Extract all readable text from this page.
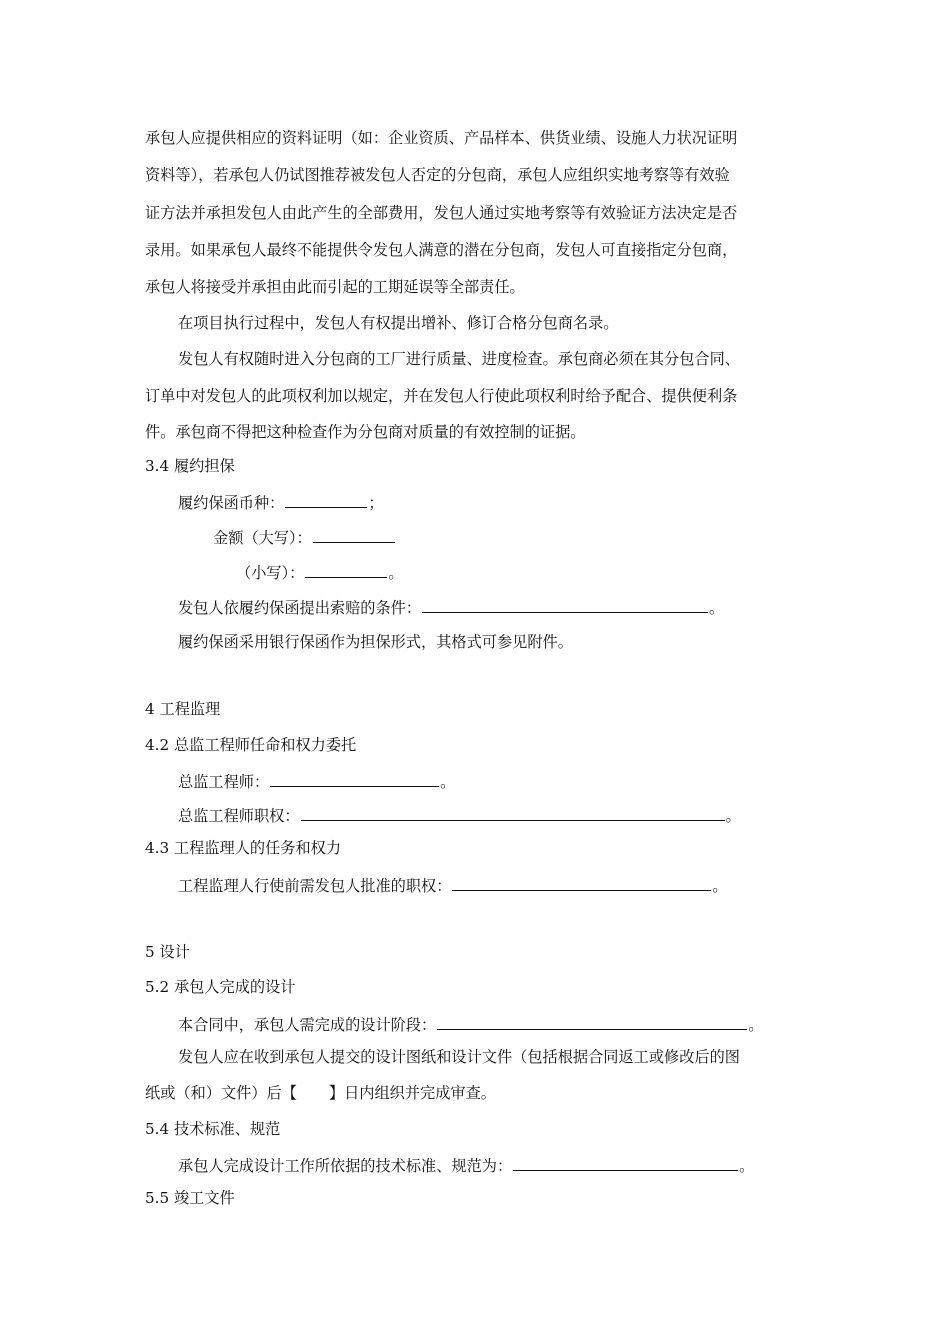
承包人应提供相应的资料证明（如：企业资质、产品样本、供货业绩、设施人力状况证明
资料等），若承包人仍试图推荐被发包人否定的分包商，承包人应组织实地考察等有效验
证方法并承担发包人由此产生的全部费用，发包人通过实地考察等有效验证方法决定是否
录用。如果承包人最终不能提供令发包人满意的潜在分包商，发包人可直接指定分包商，
承包人将接受并承担由此而引起的工期延误等全部责任。
在项目执行过程中，发包人有权提出增补、修订合格分包商名录。
发包人有权随时进入分包商的工厂进行质量、进度检查。承包商必须在其分包合同、
订单中对发包人的此项权利加以规定，并在发包人行使此项权利时给予配合、提供便利条
件。承包商不得把这种检查作为分包商对质量的有效控制的证据。
3.4 履约担保
履约保函币种：	；
金额（大写）：
（小写）：	。
发包人依履约保函提出索赔的条件：	。
履约保函采用银行保函作为担保形式，其格式可参见附件。
4 工程监理
4.2 总监工程师任命和权力委托
总监工程师：	。
总监工程师职权：	。
4.3 工程监理人的任务和权力
工程监理人行使前需发包人批准的职权：	。
5 设计
5.2 承包人完成的设计
本合同中，承包人需完成的设计阶段：	。
发包人应在收到承包人提交的设计图纸和设计文件（包括根据合同返工或修改后的图
纸或（和）文件）后【 】日内组织并完成审查。
5.4 技术标准、规范
承包人完成设计工作所依据的技术标准、规范为：	。
5.5 竣工文件
